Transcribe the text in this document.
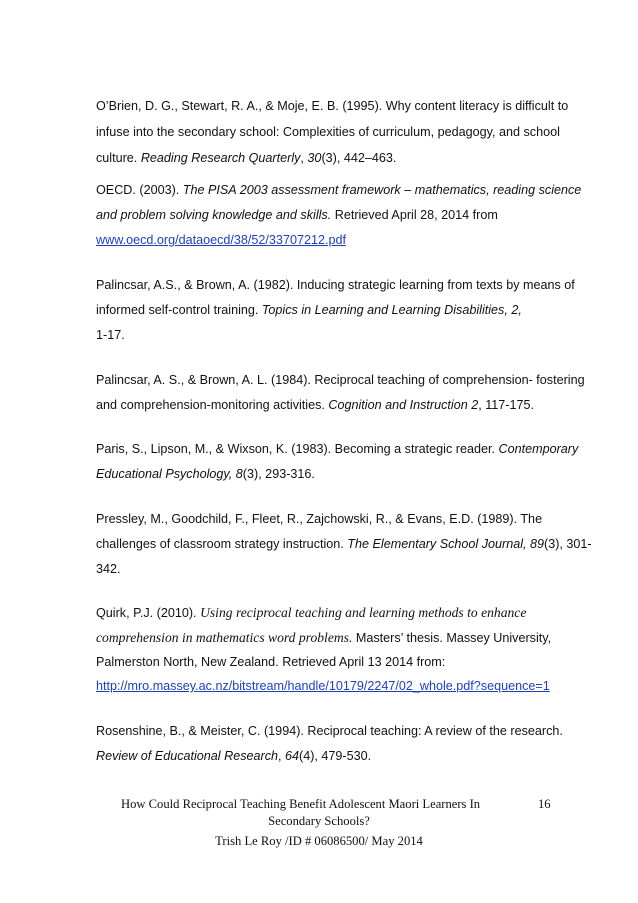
O’Brien, D. G., Stewart, R. A., & Moje, E. B. (1995). Why content literacy is difficult to
infuse into the secondary school: Complexities of curriculum, pedagogy, and school
culture. Reading Research Quarterly, 30(3), 442–463.
OECD. (2003). The PISA 2003 assessment framework – mathematics, reading science
and problem solving knowledge and skills. Retrieved April 28, 2014 from
www.oecd.org/dataoecd/38/52/33707212.pdf
Palincsar, A.S., & Brown, A. (1982). Inducing strategic learning from texts by means of
informed self-control training. Topics in Learning and Learning Disabilities, 2,
1-17.
Palincsar, A. S., & Brown, A. L. (1984). Reciprocal teaching of comprehension- fostering
and comprehension-monitoring activities. Cognition and Instruction 2, 117-175.
Paris, S., Lipson, M., & Wixson, K. (1983). Becoming a strategic reader. Contemporary
Educational Psychology, 8(3), 293-316.
Pressley, M., Goodchild, F., Fleet, R., Zajchowski, R., & Evans, E.D. (1989). The
challenges of classroom strategy instruction. The Elementary School Journal, 89(3), 301-
342.
Quirk, P.J. (2010). Using reciprocal teaching and learning methods to enhance
comprehension in mathematics word problems. Masters’ thesis. Massey University,
Palmerston North, New Zealand. Retrieved April 13 2014 from:
http://mro.massey.ac.nz/bitstream/handle/10179/2247/02_whole.pdf?sequence=1
Rosenshine, B., & Meister, C. (1994). Reciprocal teaching: A review of the research.
Review of Educational Research, 64(4), 479-530.
How Could Reciprocal Teaching Benefit Adolescent Maori Learners In	16
Secondary Schools?
Trish Le Roy /ID # 06086500/ May 2014
